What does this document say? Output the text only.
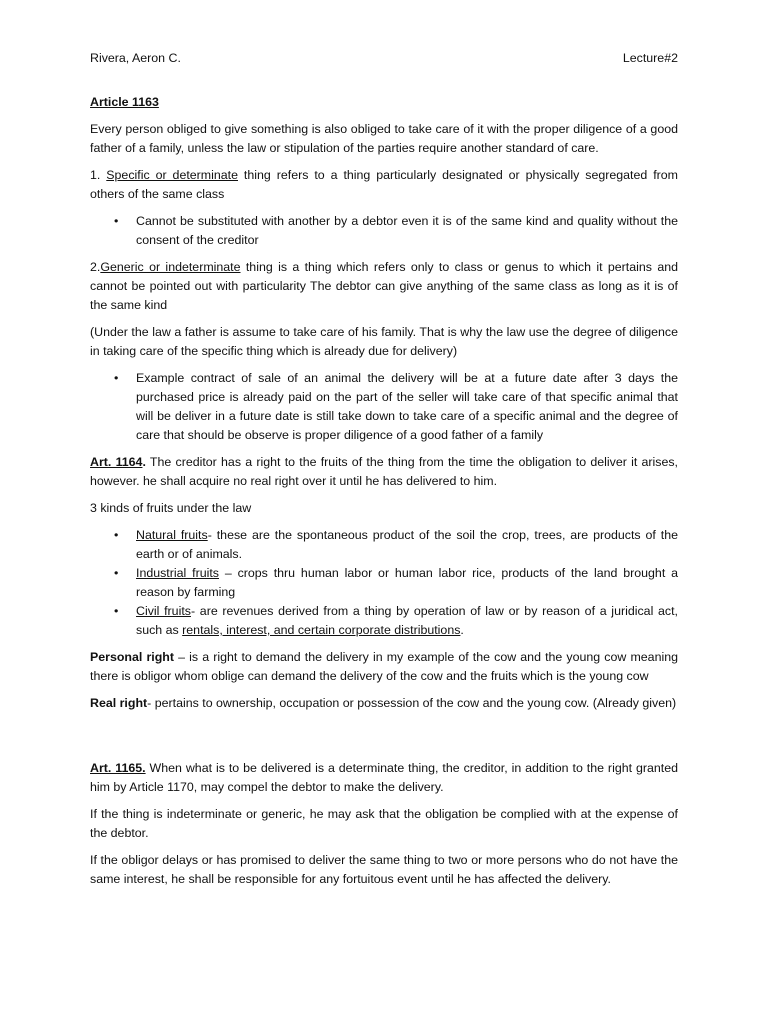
Rivera, Aeron C.	Lecture#2

Article 1163

Every person obliged to give something is also obliged to take care of it with the proper diligence of a good father of a family, unless the law or stipulation of the parties require another standard of care.

1. Specific or determinate thing refers to a thing particularly designated or physically segregated from others of the same class

• Cannot be substituted with another by a debtor even it is of the same kind and quality without the consent of the creditor

2.Generic or indeterminate thing is a thing which refers only to class or genus to which it pertains and cannot be pointed out with particularity The debtor can give anything of the same class as long as it is of the same kind

(Under the law a father is assume to take care of his family. That is why the law use the degree of diligence in taking care of the specific thing which is already due for delivery)

• Example contract of sale of an animal the delivery will be at a future date after 3 days the purchased price is already paid on the part of the seller will take care of that specific animal that will be deliver in a future date is still take down to take care of a specific animal and the degree of care that should be observe is proper diligence of a good father of a family

Art. 1164. The creditor has a right to the fruits of the thing from the time the obligation to deliver it arises, however. he shall acquire no real right over it until he has delivered to him.

3 kinds of fruits under the law

• Natural fruits- these are the spontaneous product of the soil the crop, trees, are products of the earth or of animals.
• Industrial fruits – crops thru human labor or human labor rice, products of the land brought a reason by farming
• Civil fruits- are revenues derived from a thing by operation of law or by reason of a juridical act, such as rentals, interest, and certain corporate distributions.

Personal right – is a right to demand the delivery in my example of the cow and the young cow meaning there is obligor whom oblige can demand the delivery of the cow and the fruits which is the young cow

Real right- pertains to ownership, occupation or possession of the cow and the young cow. (Already given)

Art. 1165. When what is to be delivered is a determinate thing, the creditor, in addition to the right granted him by Article 1170, may compel the debtor to make the delivery.

If the thing is indeterminate or generic, he may ask that the obligation be complied with at the expense of the debtor.

If the obligor delays or has promised to deliver the same thing to two or more persons who do not have the same interest, he shall be responsible for any fortuitous event until he has affected the delivery.
